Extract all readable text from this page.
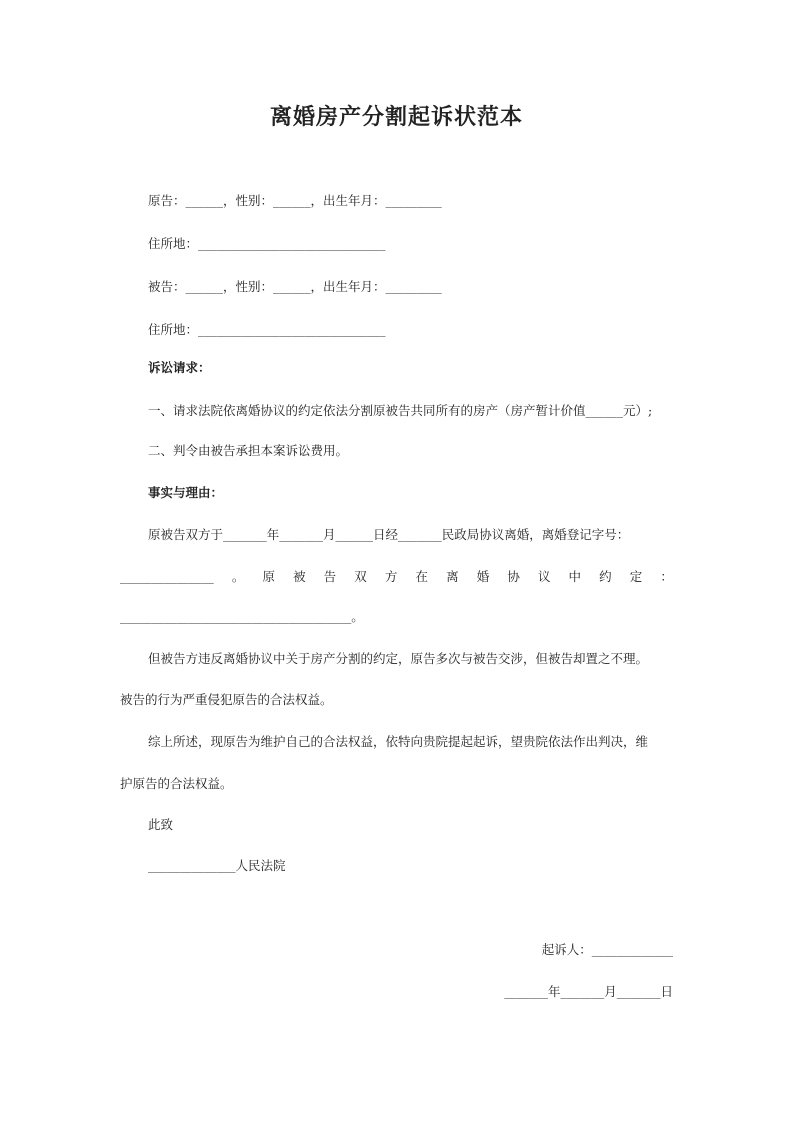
离婚房产分割起诉状范本
原告：______，性别：______，出生年月：_________
住所地：______________________________
被告：______，性别：______，出生年月：_________
住所地：______________________________
诉讼请求：
一、请求法院依离婚协议的约定依法分割原被告共同所有的房产（房产暂计价值______元）;
二、判令由被告承担本案诉讼费用。
事实与理由：
原被告双方于_______年_______月______日经_______民政局协议离婚，离婚登记字号：
_______________ 。 原 被 告 双 方 在 离 婚 协 议 中 约 定 ：
_____________________________________。
但被告方违反离婚协议中关于房产分割的约定，原告多次与被告交涉，但被告却置之不理。
被告的行为严重侵犯原告的合法权益。
综上所述，现原告为维护自己的合法权益，依特向贵院提起起诉，望贵院依法作出判决，维
护原告的合法权益。
此致
______________人民法院
起诉人：_____________
_______年_______月_______日
